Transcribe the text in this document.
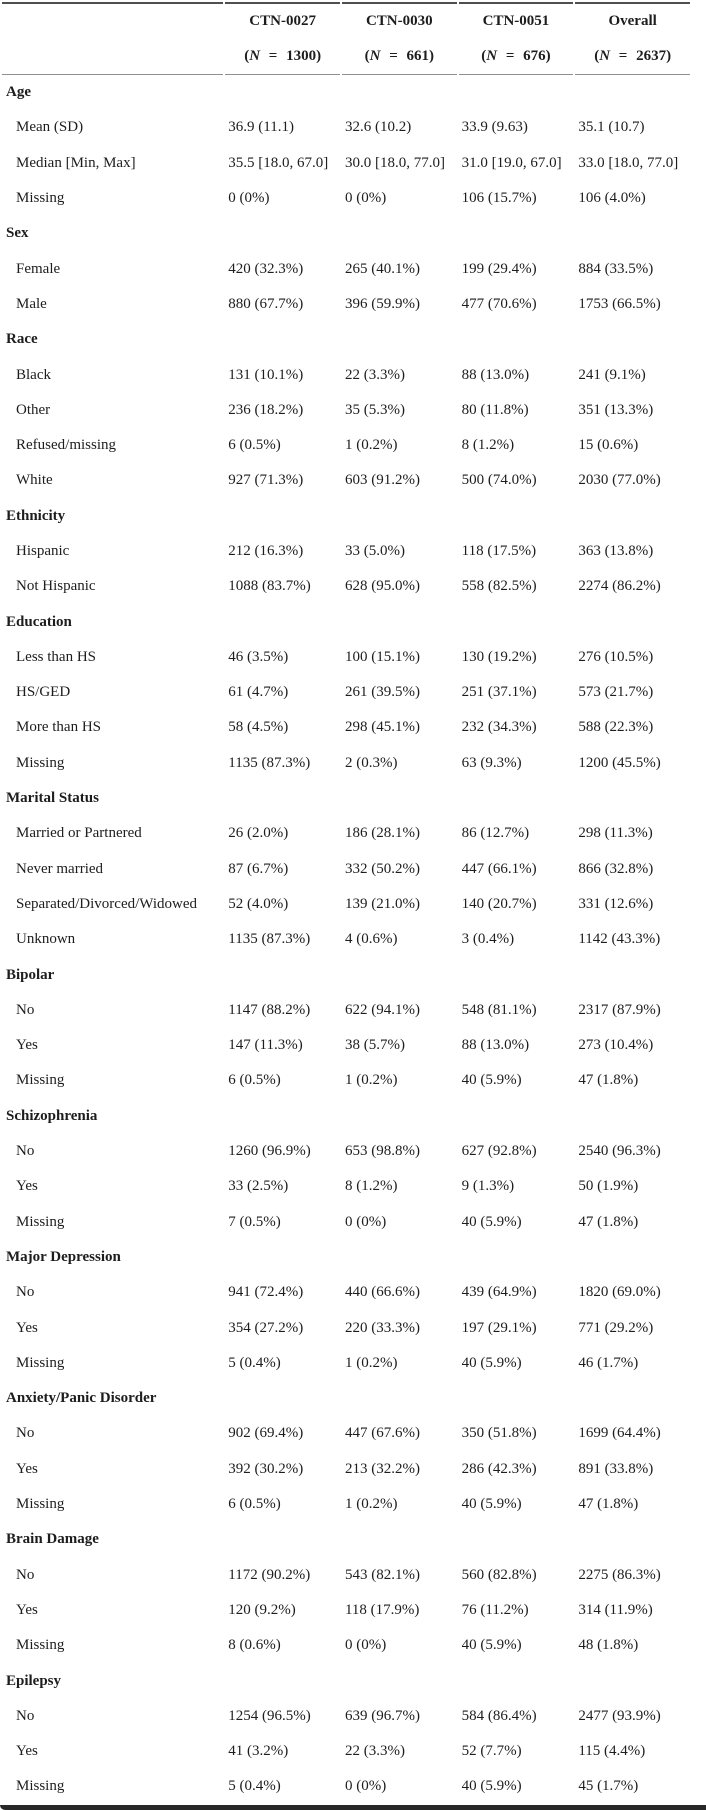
	CTN-0027	CTN-0030	CTN-0051	Overall
	(N = 1300)	(N = 661)	(N = 676)	(N = 2637)
Age				
Mean (SD)	36.9 (11.1)	32.6 (10.2)	33.9 (9.63)	35.1 (10.7)
Median [Min, Max]	35.5 [18.0, 67.0]	30.0 [18.0, 77.0]	31.0 [19.0, 67.0]	33.0 [18.0, 77.0]
Missing	0 (0%)	0 (0%)	106 (15.7%)	106 (4.0%)
Sex				
Female	420 (32.3%)	265 (40.1%)	199 (29.4%)	884 (33.5%)
Male	880 (67.7%)	396 (59.9%)	477 (70.6%)	1753 (66.5%)
Race				
Black	131 (10.1%)	22 (3.3%)	88 (13.0%)	241 (9.1%)
Other	236 (18.2%)	35 (5.3%)	80 (11.8%)	351 (13.3%)
Refused/missing	6 (0.5%)	1 (0.2%)	8 (1.2%)	15 (0.6%)
White	927 (71.3%)	603 (91.2%)	500 (74.0%)	2030 (77.0%)
Ethnicity				
Hispanic	212 (16.3%)	33 (5.0%)	118 (17.5%)	363 (13.8%)
Not Hispanic	1088 (83.7%)	628 (95.0%)	558 (82.5%)	2274 (86.2%)
Education				
Less than HS	46 (3.5%)	100 (15.1%)	130 (19.2%)	276 (10.5%)
HS/GED	61 (4.7%)	261 (39.5%)	251 (37.1%)	573 (21.7%)
More than HS	58 (4.5%)	298 (45.1%)	232 (34.3%)	588 (22.3%)
Missing	1135 (87.3%)	2 (0.3%)	63 (9.3%)	1200 (45.5%)
Marital Status				
Married or Partnered	26 (2.0%)	186 (28.1%)	86 (12.7%)	298 (11.3%)
Never married	87 (6.7%)	332 (50.2%)	447 (66.1%)	866 (32.8%)
Separated/Divorced/Widowed	52 (4.0%)	139 (21.0%)	140 (20.7%)	331 (12.6%)
Unknown	1135 (87.3%)	4 (0.6%)	3 (0.4%)	1142 (43.3%)
Bipolar				
No	1147 (88.2%)	622 (94.1%)	548 (81.1%)	2317 (87.9%)
Yes	147 (11.3%)	38 (5.7%)	88 (13.0%)	273 (10.4%)
Missing	6 (0.5%)	1 (0.2%)	40 (5.9%)	47 (1.8%)
Schizophrenia				
No	1260 (96.9%)	653 (98.8%)	627 (92.8%)	2540 (96.3%)
Yes	33 (2.5%)	8 (1.2%)	9 (1.3%)	50 (1.9%)
Missing	7 (0.5%)	0 (0%)	40 (5.9%)	47 (1.8%)
Major Depression				
No	941 (72.4%)	440 (66.6%)	439 (64.9%)	1820 (69.0%)
Yes	354 (27.2%)	220 (33.3%)	197 (29.1%)	771 (29.2%)
Missing	5 (0.4%)	1 (0.2%)	40 (5.9%)	46 (1.7%)
Anxiety/Panic Disorder				
No	902 (69.4%)	447 (67.6%)	350 (51.8%)	1699 (64.4%)
Yes	392 (30.2%)	213 (32.2%)	286 (42.3%)	891 (33.8%)
Missing	6 (0.5%)	1 (0.2%)	40 (5.9%)	47 (1.8%)
Brain Damage				
No	1172 (90.2%)	543 (82.1%)	560 (82.8%)	2275 (86.3%)
Yes	120 (9.2%)	118 (17.9%)	76 (11.2%)	314 (11.9%)
Missing	8 (0.6%)	0 (0%)	40 (5.9%)	48 (1.8%)
Epilepsy				
No	1254 (96.5%)	639 (96.7%)	584 (86.4%)	2477 (93.9%)
Yes	41 (3.2%)	22 (3.3%)	52 (7.7%)	115 (4.4%)
Missing	5 (0.4%)	0 (0%)	40 (5.9%)	45 (1.7%)
